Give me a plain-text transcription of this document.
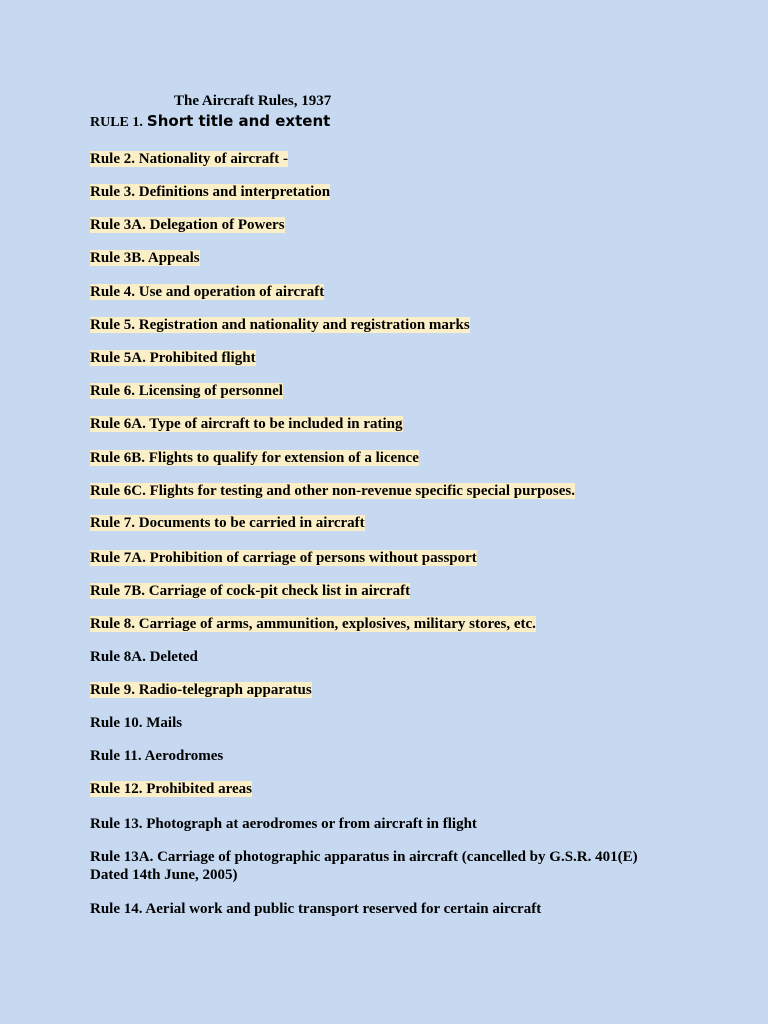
The Aircraft Rules, 1937
RULE 1. Short title and extent
Rule 2. Nationality of aircraft -
Rule 3. Definitions and interpretation
Rule 3A. Delegation of Powers
Rule 3B. Appeals
Rule 4. Use and operation of aircraft
Rule 5. Registration and nationality and registration marks
Rule 5A. Prohibited flight
Rule 6. Licensing of personnel
Rule 6A. Type of aircraft to be included in rating
Rule 6B. Flights to qualify for extension of a licence
Rule 6C. Flights for testing and other non-revenue specific special purposes.
Rule 7. Documents to be carried in aircraft
Rule 7A. Prohibition of carriage of persons without passport
Rule 7B. Carriage of cock-pit check list in aircraft
Rule 8. Carriage of arms, ammunition, explosives, military stores, etc.
Rule 8A. Deleted
Rule 9. Radio-telegraph apparatus
Rule 10. Mails
Rule 11. Aerodromes
Rule 12. Prohibited areas
Rule 13. Photograph at aerodromes or from aircraft in flight
Rule 13A. Carriage of photographic apparatus in aircraft (cancelled by G.S.R. 401(E) Dated 14th June, 2005)
Rule 14. Aerial work and public transport reserved for certain aircraft
